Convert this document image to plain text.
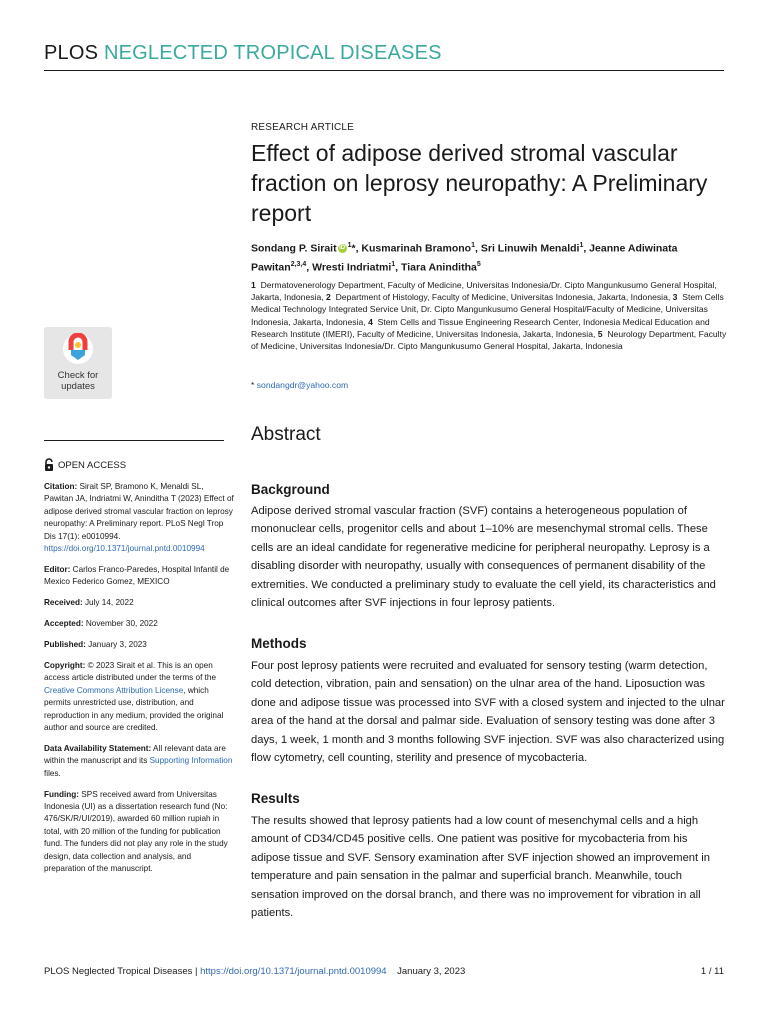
PLOS NEGLECTED TROPICAL DISEASES
RESEARCH ARTICLE
Effect of adipose derived stromal vascular fraction on leprosy neuropathy: A Preliminary report
Sondang P. Sirait iD $^1$*, Kusmarinah Bramono$^1$, Sri Linuwih Menaldi$^1$, Jeanne Adiwinata Pawitan$^{2,3,4}$, Wresti Indriatmi$^1$, Tiara Aninditha$^5$
1 Dermatovenerology Department, Faculty of Medicine, Universitas Indonesia/Dr. Cipto Mangunkusumo General Hospital, Jakarta, Indonesia, 2 Department of Histology, Faculty of Medicine, Universitas Indonesia, Jakarta, Indonesia, 3 Stem Cells Medical Technology Integrated Service Unit, Dr. Cipto Mangunkusumo General Hospital/Faculty of Medicine, Universitas Indonesia, Jakarta, Indonesia, 4 Stem Cells and Tissue Engineering Research Center, Indonesia Medical Education and Research Institute (IMERI), Faculty of Medicine, Universitas Indonesia, Jakarta, Indonesia, 5 Neurology Department, Faculty of Medicine, Universitas Indonesia/Dr. Cipto Mangunkusumo General Hospital, Jakarta, Indonesia
* sondangdr@yahoo.com
Check for
updates
OPEN ACCESS

Citation: Sirait SP, Bramono K, Menaldi SL, Pawitan JA, Indriatmi W, Aninditha T (2023) Effect of adipose derived stromal vascular fraction on leprosy neuropathy: A Preliminary report. PLoS Negl Trop Dis 17(1): e0010994. https://doi.org/10.1371/journal.pntd.0010994

Editor: Carlos Franco-Paredes, Hospital Infantil de Mexico Federico Gomez, MEXICO

Received: July 14, 2022

Accepted: November 30, 2022

Published: January 3, 2023

Copyright: © 2023 Sirait et al. This is an open access article distributed under the terms of the Creative Commons Attribution License, which permits unrestricted use, distribution, and reproduction in any medium, provided the original author and source are credited.

Data Availability Statement: All relevant data are within the manuscript and its Supporting Information files.

Funding: SPS received award from Universitas Indonesia (UI) as a dissertation research fund (No: 476/SK/R/UI/2019), awarded 60 million rupiah in total, with 20 million of the funding for publication fund. The funders did not play any role in the study design, data collection and analysis, and preparation of the manuscript.

Abstract
Background

Adipose derived stromal vascular fraction (SVF) contains a heterogeneous population of mononuclear cells, progenitor cells and about 1–10% are mesenchymal stromal cells. These cells are an ideal candidate for regenerative medicine for peripheral neuropathy. Leprosy is a disabling disorder with neuropathy, usually with consequences of permanent disability of the extremities. We conducted a preliminary study to evaluate the cell yield, its characteristics and clinical outcomes after SVF injections in four leprosy patients.

Methods

Four post leprosy patients were recruited and evaluated for sensory testing (warm detection, cold detection, vibration, pain and sensation) on the ulnar area of the hand. Liposuction was done and adipose tissue was processed into SVF with a closed system and injected to the ulnar area of the hand at the dorsal and palmar side. Evaluation of sensory testing was done after 3 days, 1 week, 1 month and 3 months following SVF injection. SVF was also characterized using flow cytometry, cell counting, sterility and presence of mycobacteria.

Results

The results showed that leprosy patients had a low count of mesenchymal cells and a high amount of CD34/CD45 positive cells. One patient was positive for mycobacteria from his adipose tissue and SVF. Sensory examination after SVF injection showed an improvement in temperature and pain sensation in the palmar and superficial branch. Meanwhile, touch sensation improved on the dorsal branch, and there was no improvement for vibration in all patients.

PLOS Neglected Tropical Diseases | https://doi.org/10.1371/journal.pntd.0010994 January 3, 2023	1 / 11
